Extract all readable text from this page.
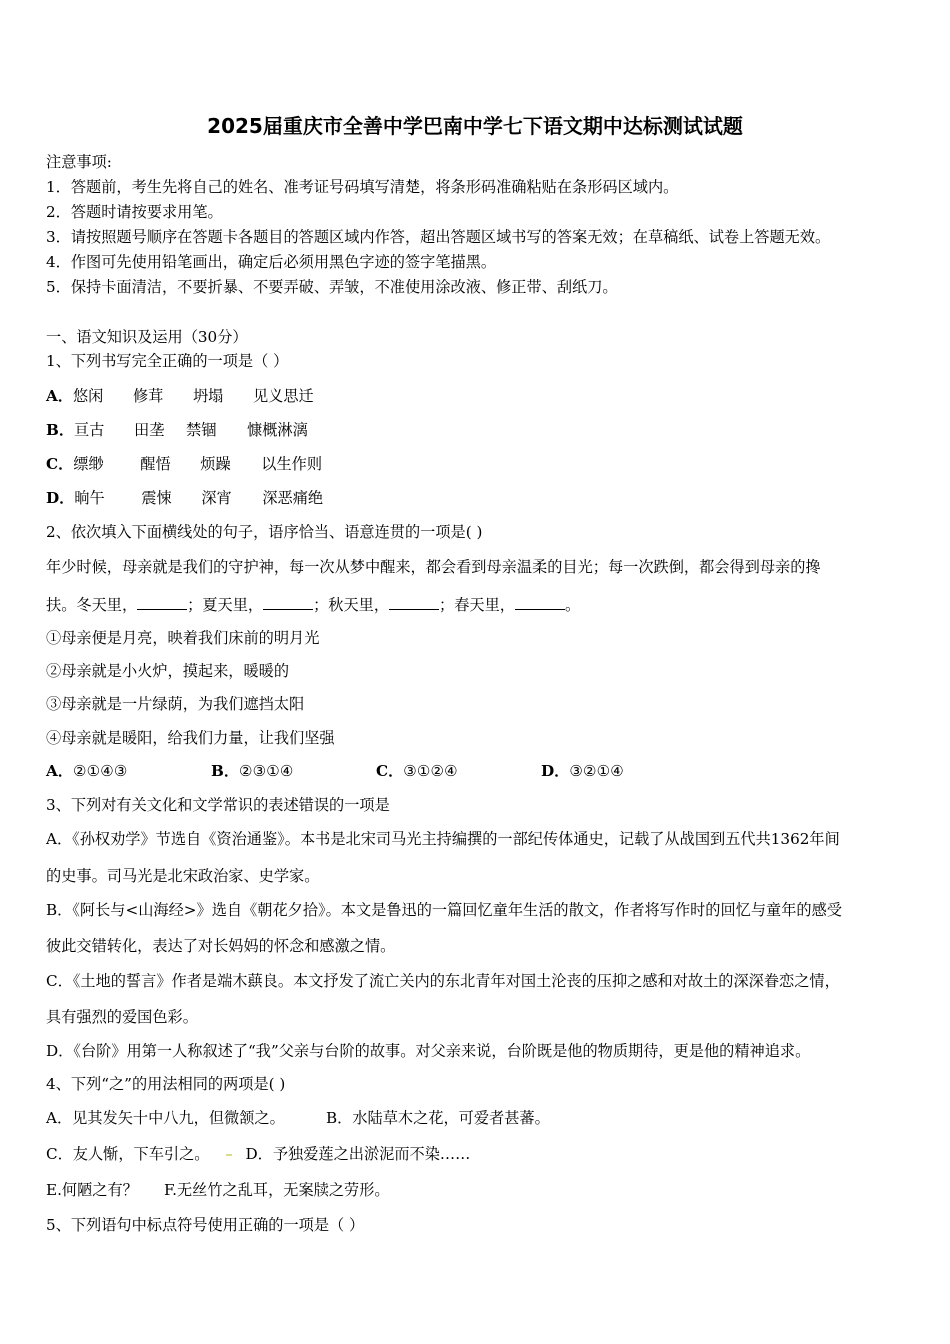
2025届重庆市全善中学巴南中学七下语文期中达标测试试题
注意事项:
1．答题前，考生先将自己的姓名、准考证号码填写清楚，将条形码准确粘贴在条形码区域内。
2．答题时请按要求用笔。
3．请按照题号顺序在答题卡各题目的答题区域内作答，超出答题区域书写的答案无效；在草稿纸、试卷上答题无效。
4．作图可先使用铅笔画出，确定后必须用黑色字迹的签字笔描黑。
5．保持卡面清洁，不要折暴、不要弄破、弄皱，不准使用涂改液、修正带、刮纸刀。
一、语文知识及运用（30分）
1、下列书写完全正确的一项是（ ）
A．悠闲 修茸 坍塌 见义思迁
B．亘古 田垄 禁锢 慷概淋漓
C．缥缈 醒悟 烦躁 以生作则
D．晌午 震悚 深宵 深恶痛绝
2、依次填入下面横线处的句子，语序恰当、语意连贯的一项是( )
年少时候，母亲就是我们的守护神，每一次从梦中醒来，都会看到母亲温柔的目光；每一次跌倒，都会得到母亲的搀
扶。冬天里，	；夏天里，	；秋天里，	；春天里，	。
①母亲便是月亮，映着我们床前的明月光
②母亲就是小火炉，摸起来，暖暖的
③母亲就是一片绿荫，为我们遮挡太阳
④母亲就是暖阳，给我们力量，让我们坚强
A．②①④③	B．②③①④	C．③①②④	D．③②①④
3、下列对有关文化和文学常识的表述错误的一项是
A．《孙权劝学》节选自《资治通鉴》。本书是北宋司马光主持编撰的一部纪传体通史，记载了从战国到五代共1362年间
的史事。司马光是北宋政治家、史学家。
B．《阿长与<山海经>》选自《朝花夕拾》。本文是鲁迅的一篇回忆童年生活的散文，作者将写作时的回忆与童年的感受
彼此交错转化，表达了对长妈妈的怀念和感激之情。
C．《土地的誓言》作者是端木蕻良。本文抒发了流亡关内的东北青年对国土沦丧的压抑之感和对故土的深深眷恋之情，
具有强烈的爱国色彩。
D．《台阶》用第一人称叙述了“我”父亲与台阶的故事。对父亲来说，台阶既是他的物质期待，更是他的精神追求。
4、下列“之”的用法相同的两项是( )
A．见其发矢十中八九，但微颔之。	B．水陆草木之花，可爱者甚蕃。
C．友人惭，下车引之。 D．予独爱莲之出淤泥而不染……
E.何陋之有？ F.无丝竹之乱耳，无案牍之劳形。
5、下列语句中标点符号使用正确的一项是（ ）
